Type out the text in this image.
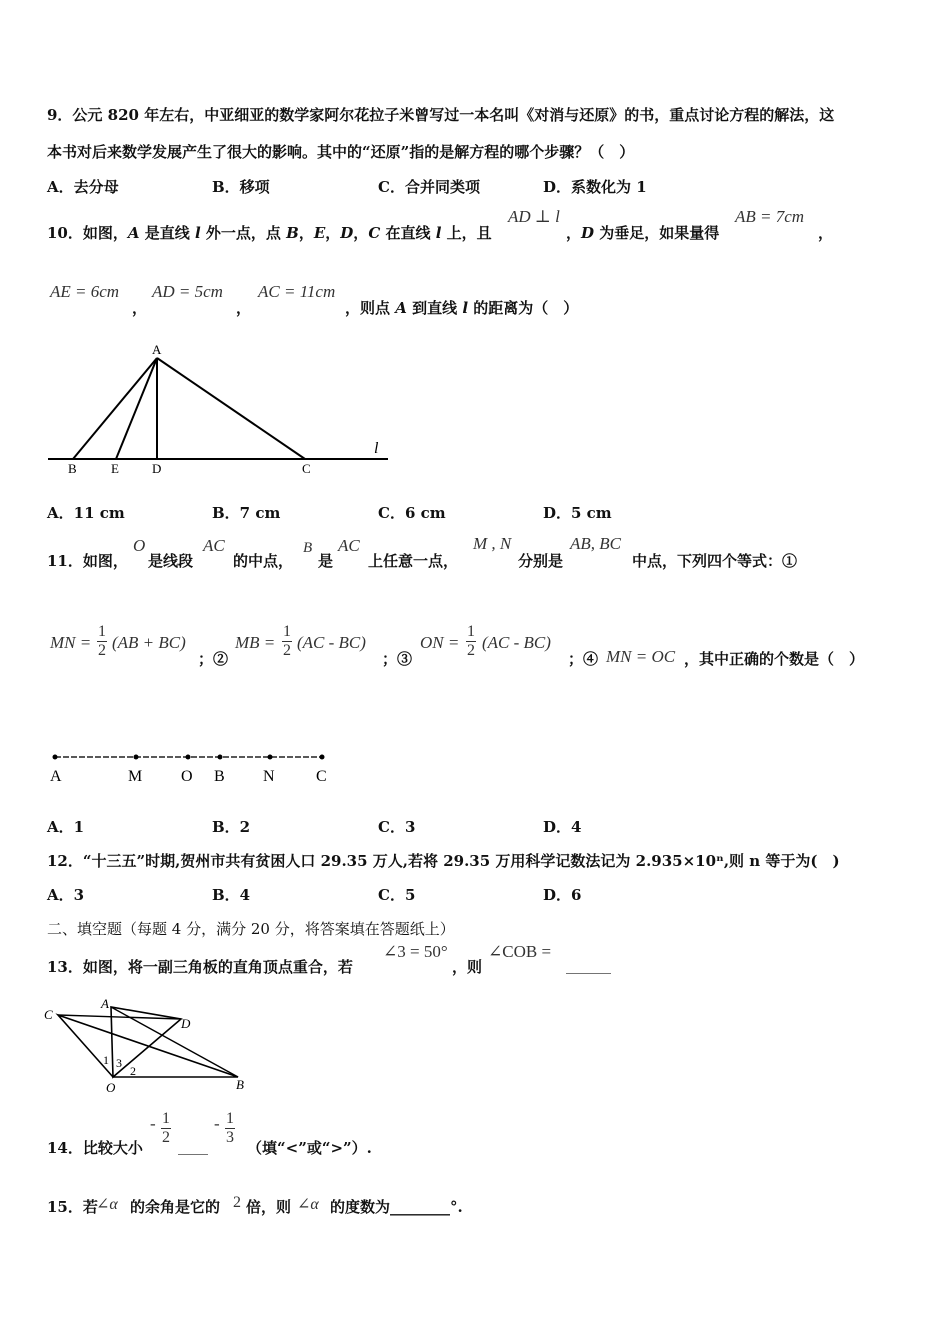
9．公元 820 年左右，中亚细亚的数学家阿尔花拉子米曾写过一本名叫《对消与还原》的书，重点讨论方程的解法，这
本书对后来数学发展产生了很大的影响。其中的“还原”指的是解方程的哪个步骤？（　）
A．去分母	B．移项	C．合并同类项	D．系数化为 1
10．如图，A 是直线 l 外一点，点 B，E，D，C 在直线 l 上，且
AD ⊥ l
，D 为垂足，如果量得
AB = 7cm
，
AE = 6cm
，
AD = 5cm
，
AC = 11cm
，则点 A 到直线 l 的距离为（　）
A
B	E	D	C
l
A．11 cm	B．7 cm	C．6 cm	D．5 cm
11．如图，
O
是线段
AC
的中点，
B
是
AC
上任意一点，
M , N
分别是
AB, BC
中点，下列四个等式：①
MN = $\frac{1}{2} (AB + BC)$
；②
MB = $\frac{1}{2} (AC - BC)$
；③
ON = $\frac{1}{2} (AC - BC)$
；④ MN = OC ，其中正确的个数是（　）
A	M O B N	C
A．1	B．2	C．3	D．4
12．“十三五”时期,贺州市共有贫困人口 29.35 万人,若将 29.35 万用科学记数法记为 2.935×10ⁿ,则 n 等于为(　)
A．3	B．4	C．5	D．6
二、填空题（每题 4 分，满分 20 分，将答案填在答题纸上）
13．如图，将一副三角板的直角顶点重合，若
∠3 = 50°
，则
∠COB =
______
C
A
D
1 3
2
O	B
14．比较大小
- $\frac{1}{2}$ ____
- $\frac{1}{3}$
（填“<”或“>”）.
15．若
∠α 的余角是它的 2 倍，则 ∠α 的度数为________°.
